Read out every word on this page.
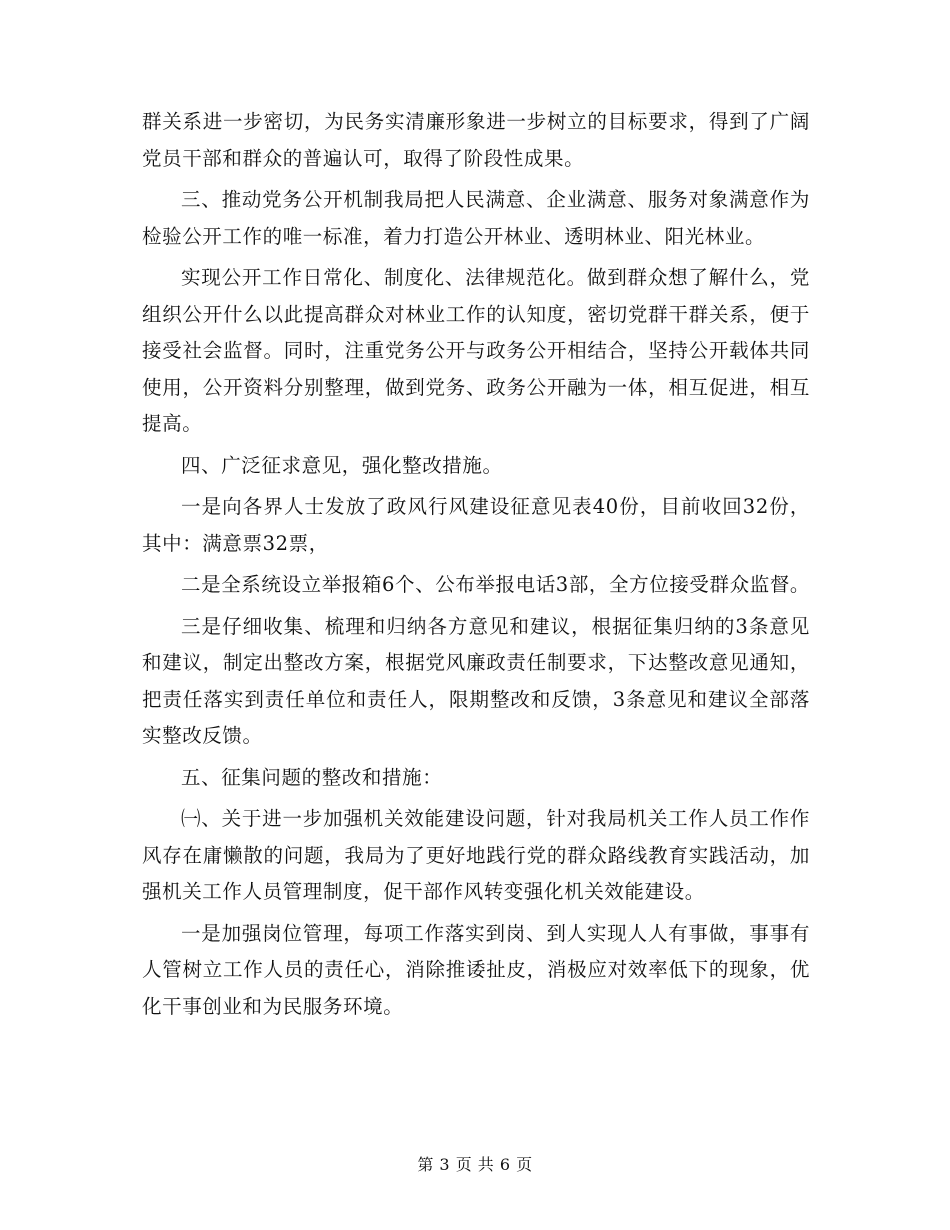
群关系进一步密切，为民务实清廉形象进一步树立的目标要求，得到了广阔党员干部和群众的普遍认可，取得了阶段性成果。

三、推动党务公开机制我局把人民满意、企业满意、服务对象满意作为检验公开工作的唯一标准，着力打造公开林业、透明林业、阳光林业。

实现公开工作日常化、制度化、法律规范化。做到群众想了解什么，党组织公开什么以此提高群众对林业工作的认知度，密切党群干群关系，便于接受社会监督。同时，注重党务公开与政务公开相结合，坚持公开载体共同使用，公开资料分别整理，做到党务、政务公开融为一体，相互促进，相互提高。

四、广泛征求意见，强化整改措施。

一是向各界人士发放了政风行风建设征意见表40份，目前收回32份，其中：满意票32票，

二是全系统设立举报箱6个、公布举报电话3部，全方位接受群众监督。

三是仔细收集、梳理和归纳各方意见和建议，根据征集归纳的3条意见和建议，制定出整改方案，根据党风廉政责任制要求，下达整改意见通知，把责任落实到责任单位和责任人，限期整改和反馈，3条意见和建议全部落实整改反馈。

五、征集问题的整改和措施：

㈠、关于进一步加强机关效能建设问题，针对我局机关工作人员工作作风存在庸懒散的问题，我局为了更好地践行党的群众路线教育实践活动，加强机关工作人员管理制度，促干部作风转变强化机关效能建设。

一是加强岗位管理，每项工作落实到岗、到人实现人人有事做，事事有人管树立工作人员的责任心，消除推诿扯皮，消极应对效率低下的现象，优化干事创业和为民服务环境。

第 3 页 共 6 页
